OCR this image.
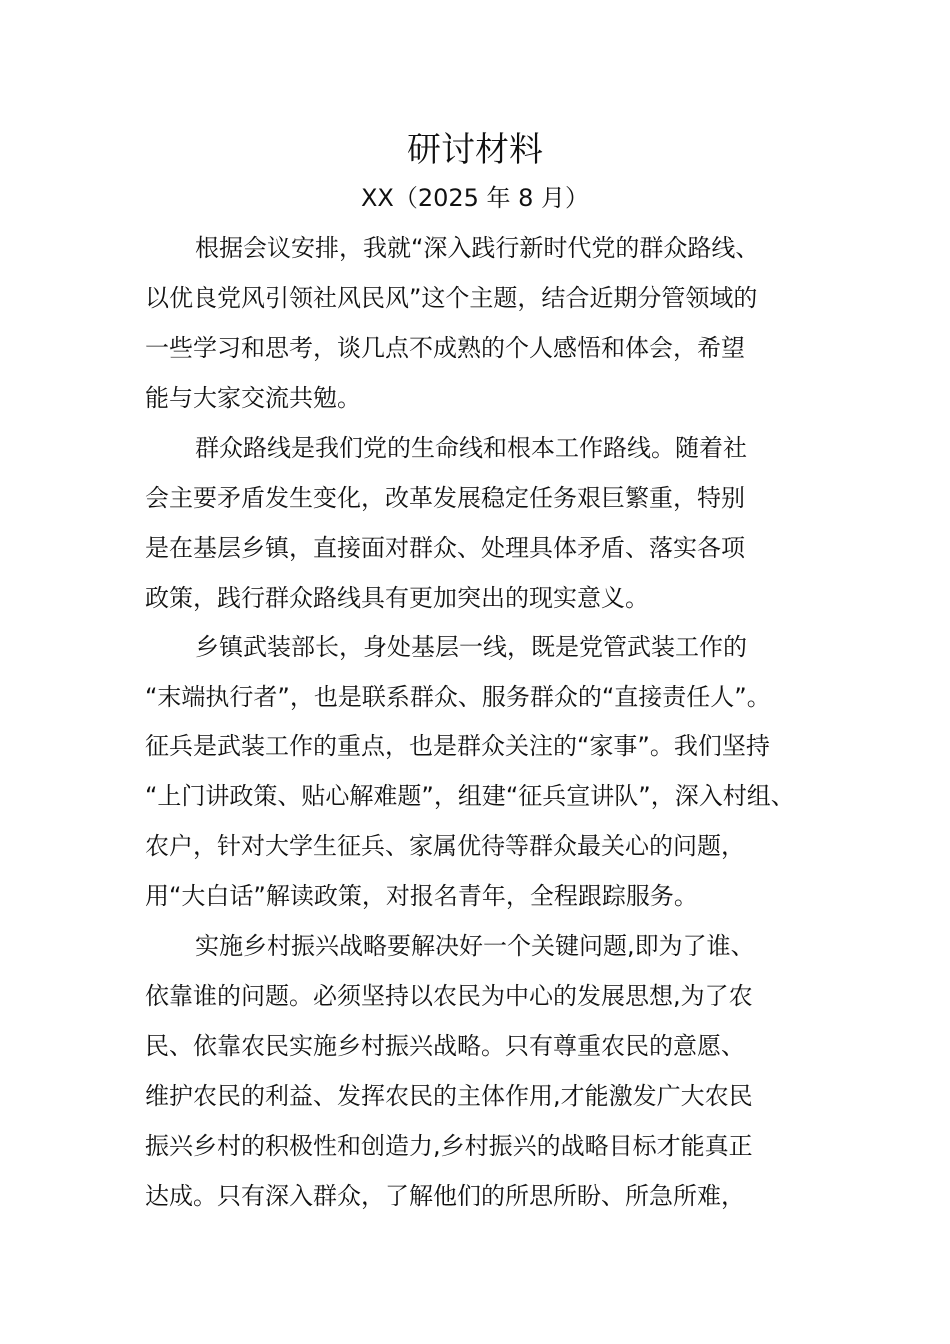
研讨材料

XX（2025 年 8 月）

根据会议安排，我就“深入践行新时代党的群众路线、

以优良党风引领社风民风”这个主题，结合近期分管领域的

一些学习和思考，谈几点不成熟的个人感悟和体会，希望

能与大家交流共勉。

群众路线是我们党的生命线和根本工作路线。随着社

会主要矛盾发生变化，改革发展稳定任务艰巨繁重，特别

是在基层乡镇，直接面对群众、处理具体矛盾、落实各项

政策，践行群众路线具有更加突出的现实意义。

乡镇武装部长，身处基层一线，既是党管武装工作的

“末端执行者”，也是联系群众、服务群众的“直接责任人”。

征兵是武装工作的重点，也是群众关注的“家事”。我们坚持

“上门讲政策、贴心解难题”，组建“征兵宣讲队”，深入村组、

农户，针对大学生征兵、家属优待等群众最关心的问题，

用“大白话”解读政策，对报名青年，全程跟踪服务。

实施乡村振兴战略要解决好一个关键问题,即为了谁、

依靠谁的问题。必须坚持以农民为中心的发展思想,为了农

民、依靠农民实施乡村振兴战略。只有尊重农民的意愿、

维护农民的利益、发挥农民的主体作用,才能激发广大农民

振兴乡村的积极性和创造力,乡村振兴的战略目标才能真正

达成。只有深入群众，了解他们的所思所盼、所急所难，
